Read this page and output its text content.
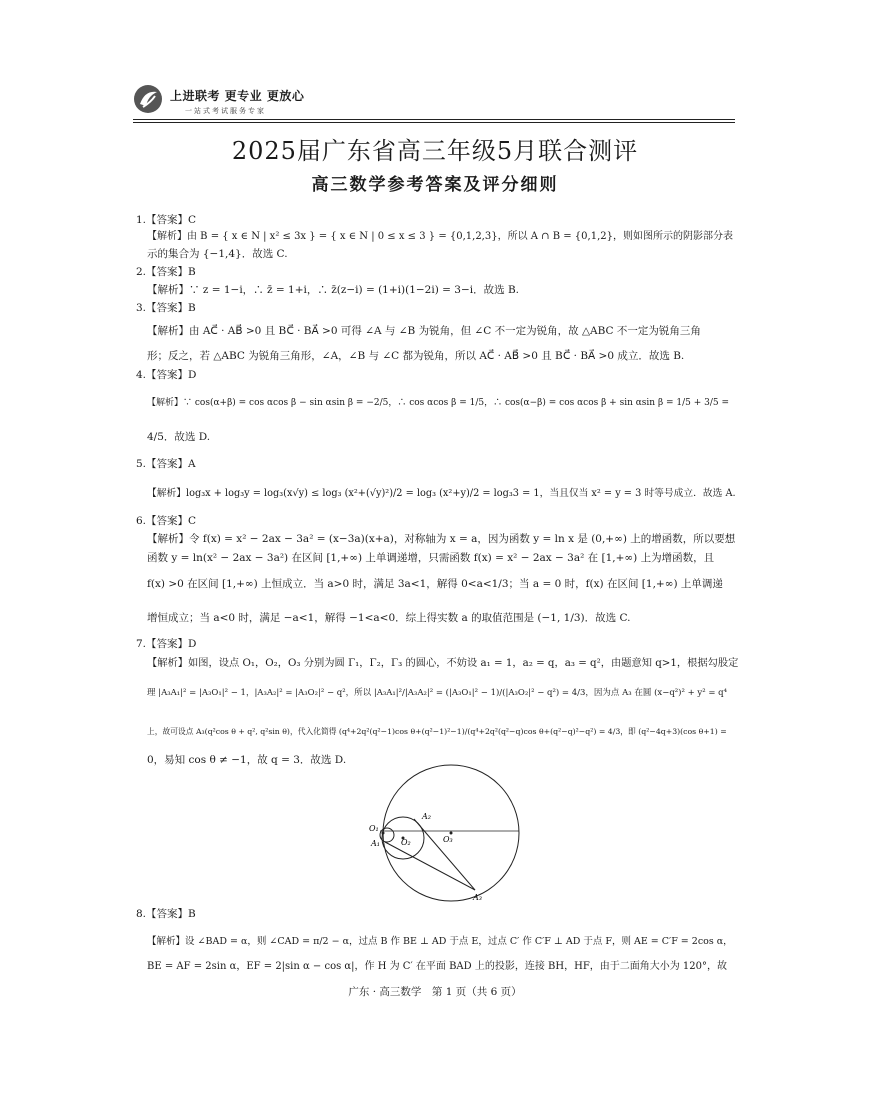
上进联考 更专业 更放心
一站式考试服务专家
2025届广东省高三年级5月联合测评
高三数学参考答案及评分细则
1.【答案】C
【解析】由 B = { x ∈ N | x² ≤ 3x } = { x ∈ N | 0 ≤ x ≤ 3 } = {0,1,2,3}，所以 A ∩ B = {0,1,2}，则如图所示的阴影部分表
示的集合为 {−1,4}．故选 C.
2.【答案】B
【解析】∵ z = 1−i，∴ z̄ = 1+i，∴ z̄(z−i) = (1+i)(1−2i) = 3−i．故选 B.
3.【答案】B
【解析】由 AC⃗ · AB⃗ >0 且 BC⃗ · BA⃗ >0 可得 ∠A 与 ∠B 为锐角，但 ∠C 不一定为锐角，故 △ABC 不一定为锐角三角
形；反之，若 △ABC 为锐角三角形，∠A，∠B 与 ∠C 都为锐角，所以 AC⃗ · AB⃗ >0 且 BC⃗ · BA⃗ >0 成立．故选 B.
4.【答案】D
【解析】∵ cos(α+β) = cos αcos β − sin αsin β = −2/5，∴ cos αcos β = 1/5，∴ cos(α−β) = cos αcos β + sin αsin β = 1/5 + 3/5 =
4/5．故选 D.
5.【答案】A
【解析】log₃x + log₃y = log₃(x√y) ≤ log₃ (x²+(√y)²)/2 = log₃ (x²+y)/2 = log₃3 = 1，当且仅当 x² = y = 3 时等号成立．故选 A.
6.【答案】C
【解析】令 f(x) = x² − 2ax − 3a² = (x−3a)(x+a)，对称轴为 x = a，因为函数 y = ln x 是 (0,+∞) 上的增函数，所以要想
函数 y = ln(x² − 2ax − 3a²) 在区间 [1,+∞) 上单调递增，只需函数 f(x) = x² − 2ax − 3a² 在 [1,+∞) 上为增函数，且
f(x) >0 在区间 [1,+∞) 上恒成立．当 a>0 时，满足 3a<1，解得 0<a<1/3；当 a = 0 时，f(x) 在区间 [1,+∞) 上单调递
增恒成立；当 a<0 时，满足 −a<1，解得 −1<a<0．综上得实数 a 的取值范围是 (−1, 1/3)．故选 C.
7.【答案】D
【解析】如图，设点 O₁，O₂，O₃ 分别为圆 Γ₁，Γ₂，Γ₃ 的圆心，不妨设 a₁ = 1，a₂ = q，a₃ = q²，由题意知 q>1，根据勾股定
理 |A₃A₁|² = |A₃O₁|² − 1，|A₃A₂|² = |A₃O₂|² − q²，所以 |A₃A₁|²/|A₃A₂|² = (|A₃O₁|² − 1)/(|A₃O₂|² − q²) = 4/3，因为点 A₃ 在圆 (x−q²)² + y² = q⁴
上，故可设点 A₃(q²cos θ + q², q²sin θ)，代入化简得 (q⁴+2q²(q²−1)cos θ+(q²−1)²−1)/(q⁴+2q²(q²−q)cos θ+(q²−q)²−q²) = 4/3，即 (q²−4q+3)(cos θ+1) =
0，易知 cos θ ≠ −1，故 q = 3．故选 D.
O₁
A₁	O₂
A₂
O₃
A₃
8.【答案】B
【解析】设 ∠BAD = α，则 ∠CAD = π/2 − α，过点 B 作 BE ⊥ AD 于点 E，过点 C′ 作 C′F ⊥ AD 于点 F，则 AE = C′F = 2cos α，
BE = AF = 2sin α，EF = 2|sin α − cos α|，作 H 为 C′ 在平面 BAD 上的投影，连接 BH，HF，由于二面角大小为 120°，故
广东 · 高三数学　第 1 页（共 6 页）
